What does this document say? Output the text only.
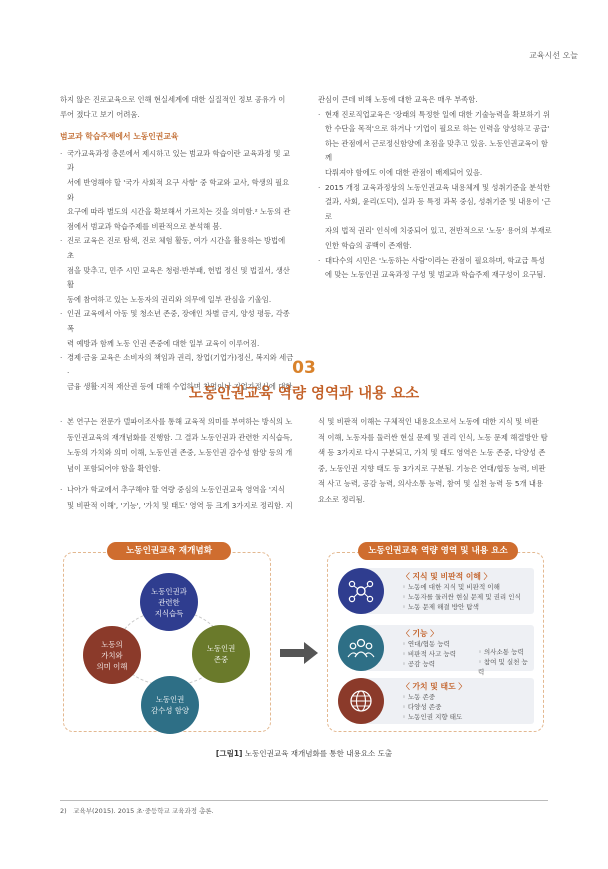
교육시선 오늘
하지 않은 진로교육으로 인해 현실세계에 대한 실질적인 정보 공유가 이
루어 졌다고 보기 어려움.
범교과 학습주제에서 노동인권교육
· 국가교육과정 총론에서 제시하고 있는 범교과 학습이란 교육과정 및 교과
서에 반영해야 할 '국가 사회적 요구 사항' 중 학교와 교사, 학생의 필요와
요구에 따라 별도의 시간을 확보해서 가르치는 것을 의미함.² 노동의 관
점에서 범교과 학습주제를 비판적으로 분석해 봄.
· 진로 교육은 진로 탐색, 진로 체험 활동, 여가 시간을 활용하는 방법에 초
점을 맞추고, 민주 시민 교육은 청렴·반부패, 헌법 정신 및 법질서, 생산 활
동에 참여하고 있는 노동자의 권리와 의무에 일부 관심을 기울임.
· 인권 교육에서 아동 및 청소년 존중, 장애인 차별 금지, 양성 평등, 각종 폭
력 예방과 함께 노동 인권 존중에 대한 일부 교육이 이루어짐.
· 경제·금융 교육은 소비자의 책임과 권리, 창업(기업가)정신, 복지와 세금·
금융 생활·지적 재산권 등에 대해 수업하며 창업이나 기업가정신에 대한
관심이 큰데 비해 노동에 대한 교육은 매우 부족함.
· 현재 진로직업교육은 '장래의 특정한 일에 대한 기술능력을 확보하기 위
한 수단을 목적'으로 하거나 '기업이 필요로 하는 인력을 양성하고 공급'
하는 관점에서 근로정신함양에 초점을 맞추고 있음. 노동인권교육이 함께
다뤄져야 함에도 이에 대한 관점이 배제되어 있음.
· 2015 개정 교육과정상의 노동인권교육 내용체계 및 성취기준을 분석한
결과, 사회, 윤리(도덕), 실과 등 특정 과목 중심, 성취기준 및 내용이 '근로
자의 법적 권리' 인식에 치중되어 있고, 전반적으로 '노동' 용어의 부재로
인한 학습의 공백이 존재함.
· 대다수의 시민은 '노동하는 사람'이라는 관점이 필요하며, 학교급 특성
에 맞는 노동인권 교육과정 구성 및 범교과 학습주제 재구성이 요구됨.
03
노동인권교육 역량 영역과 내용 요소
· 본 연구는 전문가 델파이조사를 통해 교육적 의미를 부여하는 방식의 노
동인권교육의 재개념화를 진행함. 그 결과 노동인권과 관련한 지식습득,
노동의 가치와 의미 이해, 노동인권 존중, 노동인권 감수성 함양 등의 개
념이 포함되어야 함을 확인함.
· 나아가 학교에서 추구해야 할 역량 중심의 노동인권교육 영역을 '지식
및 비판적 이해', '기능', '가치 및 태도' 영역 등 크게 3가지로 정리함. 지
식 및 비판적 이해는 구체적인 내용요소로서 노동에 대한 지식 및 비판
적 이해, 노동자를 둘러싼 현실 문제 및 권리 인식, 노동 문제 해결방안 탐
색 등 3가지로 다시 구분되고, 가치 및 태도 영역은 노동 존중, 다양성 존
중, 노동인권 지향 태도 등 3가지로 구분됨. 기능은 연대/협동 능력, 비판
적 사고 능력, 공감 능력, 의사소통 능력, 참여 및 실천 능력 등 5개 내용
요소로 정리됨.
노동인권교육 재개념화	노동인권교육 역량 영역 및 내용 요소
노동인권과
관련한
지식습득
노동의
가치와
의미 이해
노동인권
존중
노동인권
감수성 함양
〈 지식 및 비판적 이해 〉
◦ 노동에 대한 지식 및 비판적 이해
◦ 노동자를 둘러싼 현실 문제 및 권리 인식
◦ 노동 문제 해결 방안 탐색
〈 기능 〉
◦ 연대/협동 능력
◦ 비판적 사고 능력
◦ 공감 능력
◦ 의사소통 능력
◦ 참여 및 실천 능력
〈 가치 및 태도 〉
◦ 노동 존중
◦ 다양성 존중
◦ 노동인권 지향 태도
[그림1] 노동인권교육 재개념화를 통한 내용요소 도출
2)　교육부(2015). 2015 초·중등학교 교육과정 총론.
